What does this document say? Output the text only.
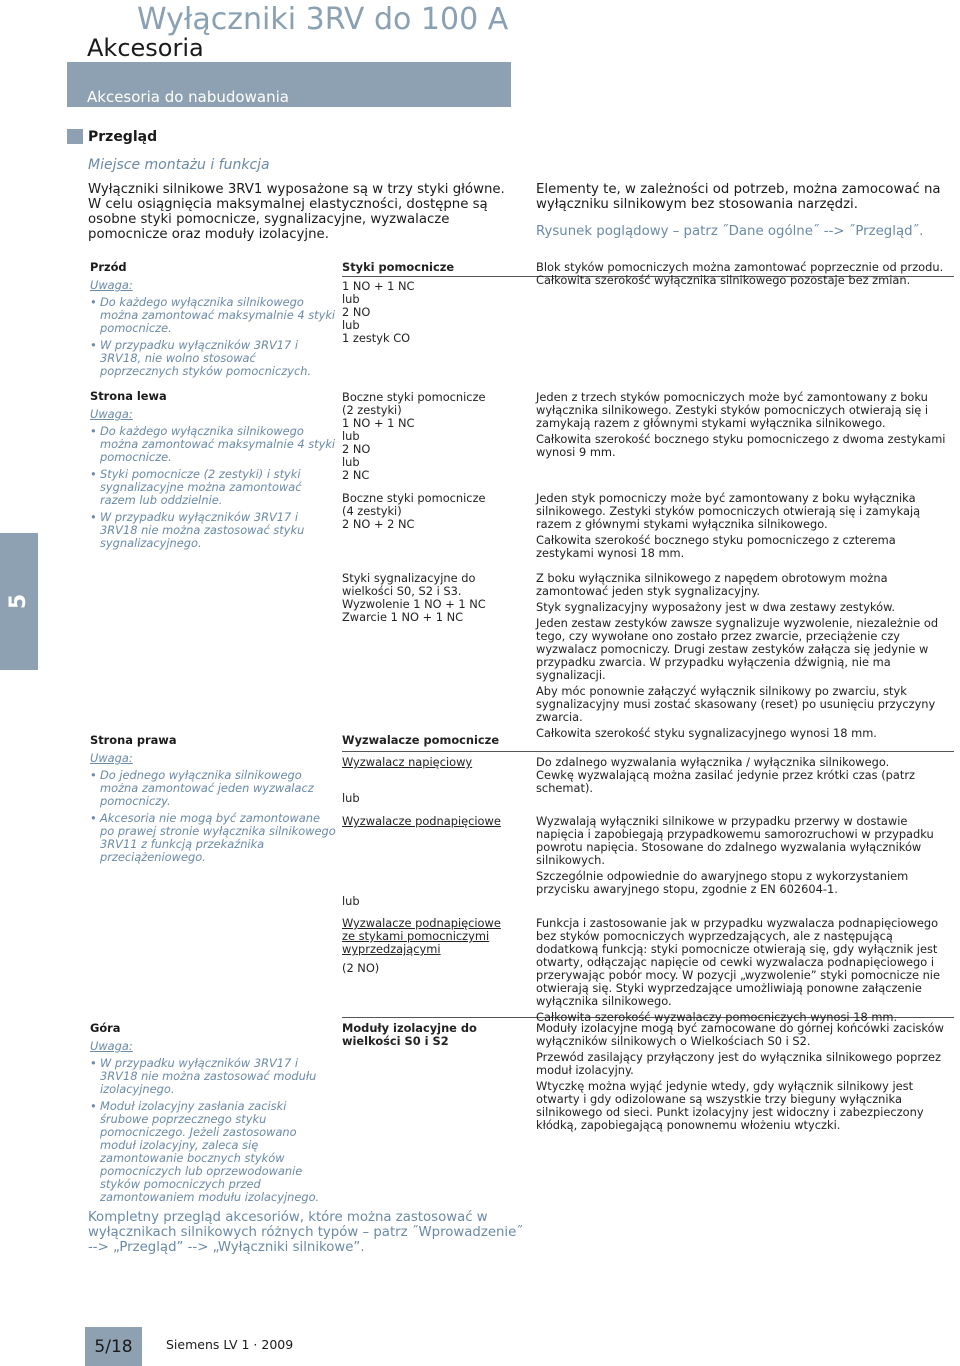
Wyłączniki 3RV do 100 A
Akcesoria
Akcesoria do nabudowania
Przegląd
Miejsce montażu i funkcja
Wyłączniki silnikowe 3RV1 wyposażone są w trzy styki główne. W celu osiągnięcia maksymalnej elastyczności, dostępne są osobne styki pomocnicze, sygnalizacyjne, wyzwalacze pomocnicze oraz moduły izolacyjne.
Elementy te, w zależności od potrzeb, można zamocować na wyłączniku silnikowym bez stosowania narzędzi.
Rysunek poglądowy – patrz ˝Dane ogólne˝ --> ˝Przegląd˝.
5
Przód
Uwaga:
• Do każdego wyłącznika silnikowego można zamontować maksymalnie 4 styki pomocnicze.
• W przypadku wyłączników 3RV17 i 3RV18, nie wolno stosować poprzecznych styków pomocniczych.
Strona lewa
Uwaga:
• Do każdego wyłącznika silnikowego można zamontować maksymalnie 4 styki pomocnicze.
• Styki pomocnicze (2 zestyki) i styki sygnalizacyjne można zamontować razem lub oddzielnie.
• W przypadku wyłączników 3RV17 i 3RV18 nie można zastosować styku sygnalizacyjnego.
Strona prawa
Uwaga:
• Do jednego wyłącznika silnikowego można zamontować jeden wyzwalacz pomocniczy.
• Akcesoria nie mogą być zamontowane po prawej stronie wyłącznika silnikowego 3RV11 z funkcją przekaźnika przeciążeniowego.
Góra
Uwaga:
• W przypadku wyłączników 3RV17 i 3RV18 nie można zastosować modułu izolacyjnego.
• Moduł izolacyjny zasłania zaciski śrubowe poprzecznego styku pomocniczego. Jeżeli zastosowano moduł izolacyjny, zaleca się zamontowanie bocznych styków pomocniczych lub oprzewodowanie styków pomocniczych przed zamontowaniem modułu izolacyjnego.
Styki pomocnicze
1 NO + 1 NC
lub
2 NO
lub
1 zestyk CO
Boczne styki pomocnicze
(2 zestyki)
1 NO + 1 NC
lub
2 NO
lub
2 NC
Boczne styki pomocnicze
(4 zestyki)
2 NO + 2 NC
Styki sygnalizacyjne do wielkości S0, S2 i S3.
Wyzwolenie 1 NO + 1 NC
Zwarcie 1 NO + 1 NC
Wyzwalacze pomocnicze
Wyzwalacz napięciowy
lub
Wyzwalacze podnapięciowe
lub
Wyzwalacze podnapięciowe ze stykami pomocniczymi wyprzedzającymi
(2 NO)
Moduły izolacyjne do wielkości S0 i S2

Blok styków pomocniczych można zamontować poprzecznie od przodu.

Całkowita szerokość wyłącznika silnikowego pozostaje bez zmian.

Jeden z trzech styków pomocniczych może być zamontowany z boku wyłącznika silnikowego. Zestyki styków pomocniczych otwierają się i zamykają razem z głównymi stykami wyłącznika silnikowego.

Całkowita szerokość bocznego styku pomocniczego z dwoma zestykami wynosi 9 mm.

Jeden styk pomocniczy może być zamontowany z boku wyłącznika silnikowego. Zestyki styków pomocniczych otwierają się i zamykają razem z głównymi stykami wyłącznika silnikowego.

Całkowita szerokość bocznego styku pomocniczego z czterema zestykami wynosi 18 mm.

Z boku wyłącznika silnikowego z napędem obrotowym można zamontować jeden styk sygnalizacyjny.

Styk sygnalizacyjny wyposażony jest w dwa zestawy zestyków.

Jeden zestaw zestyków zawsze sygnalizuje wyzwolenie, niezależnie od tego, czy wywołane ono zostało przez zwarcie, przeciążenie czy wyzwalacz pomocniczy. Drugi zestaw zestyków załącza się jedynie w przypadku zwarcia. W przypadku wyłączenia dźwignią, nie ma sygnalizacji.

Aby móc ponownie załączyć wyłącznik silnikowy po zwarciu, styk sygnalizacyjny musi zostać skasowany (reset) po usunięciu przyczyny zwarcia.

Całkowita szerokość styku sygnalizacyjnego wynosi 18 mm.

Do zdalnego wyzwalania wyłącznika / wyłącznika silnikowego.

Cewkę wyzwalającą można zasilać jedynie przez krótki czas (patrz schemat).

Wyzwalają wyłączniki silnikowe w przypadku przerwy w dostawie napięcia i zapobiegają przypadkowemu samorozruchowi w przypadku powrotu napięcia. Stosowane do zdalnego wyzwalania wyłączników silnikowych.

Szczególnie odpowiednie do awaryjnego stopu z wykorzystaniem przycisku awaryjnego stopu, zgodnie z EN 602604-1.

Funkcja i zastosowanie jak w przypadku wyzwalacza podnapięciowego bez styków pomocniczych wyprzedzających, ale z następującą dodatkową funkcją: styki pomocnicze otwierają się, gdy wyłącznik jest otwarty, odłączając napięcie od cewki wyzwalacza podnapięciowego i przerywając pobór mocy. W pozycji „wyzwolenie” styki pomocnicze nie otwierają się. Styki wyprzedzające umożliwiają ponowne załączenie wyłącznika silnikowego.

Całkowita szerokość wyzwalaczy pomocniczych wynosi 18 mm.

Moduły izolacyjne mogą być zamocowane do górnej końcówki zacisków wyłączników silnikowych o Wielkościach S0 i S2.

Przewód zasilający przyłączony jest do wyłącznika silnikowego poprzez moduł izolacyjny.

Wtyczkę można wyjąć jedynie wtedy, gdy wyłącznik silnikowy jest otwarty i gdy odizolowane są wszystkie trzy bieguny wyłącznika silnikowego od sieci. Punkt izolacyjny jest widoczny i zabezpieczony kłódką, zapobiegającą ponownemu włożeniu wtyczki.

Kompletny przegląd akcesoriów, które można zastosować w wyłącznikach silnikowych różnych typów – patrz ˝Wprowadzenie˝ --> „Przegląd” --> „Wyłączniki silnikowe”.
5/18	Siemens LV 1 · 2009
